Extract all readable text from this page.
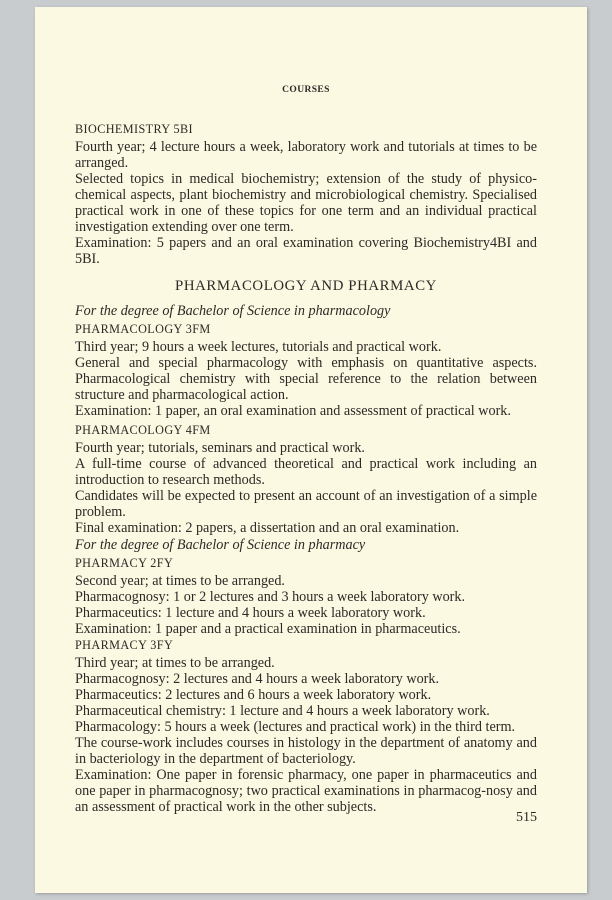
COURSES
BIOCHEMISTRY 5BI

Fourth year; 4 lecture hours a week, laboratory work and tutorials at times to be arranged.

Selected topics in medical biochemistry; extension of the study of physico-chemical aspects, plant biochemistry and microbiological chemistry. Specialised practical work in one of these topics for one term and an individual practical investigation extending over one term.

Examination: 5 papers and an oral examination covering Biochemistry4BI and 5BI.

PHARMACOLOGY AND PHARMACY
For the degree of Bachelor of Science in pharmacology
PHARMACOLOGY 3FM

Third year; 9 hours a week lectures, tutorials and practical work.

General and special pharmacology with emphasis on quantitative aspects. Pharmacological chemistry with special reference to the relation between structure and pharmacological action.

Examination: 1 paper, an oral examination and assessment of practical work.

PHARMACOLOGY 4FM

Fourth year; tutorials, seminars and practical work.

A full-time course of advanced theoretical and practical work including an introduction to research methods.

Candidates will be expected to present an account of an investigation of a simple problem.

Final examination: 2 papers, a dissertation and an oral examination.

For the degree of Bachelor of Science in pharmacy
PHARMACY 2FY

Second year; at times to be arranged.

Pharmacognosy: 1 or 2 lectures and 3 hours a week laboratory work.

Pharmaceutics: 1 lecture and 4 hours a week laboratory work.

Examination: 1 paper and a practical examination in pharmaceutics.

PHARMACY 3FY

Third year; at times to be arranged.

Pharmacognosy: 2 lectures and 4 hours a week laboratory work.

Pharmaceutics: 2 lectures and 6 hours a week laboratory work.

Pharmaceutical chemistry: 1 lecture and 4 hours a week laboratory work.

Pharmacology: 5 hours a week (lectures and practical work) in the third term.

The course-work includes courses in histology in the department of anatomy and in bacteriology in the department of bacteriology.

Examination: One paper in forensic pharmacy, one paper in pharmaceutics and one paper in pharmacognosy; two practical examinations in pharmacog-nosy and an assessment of practical work in the other subjects.

515
